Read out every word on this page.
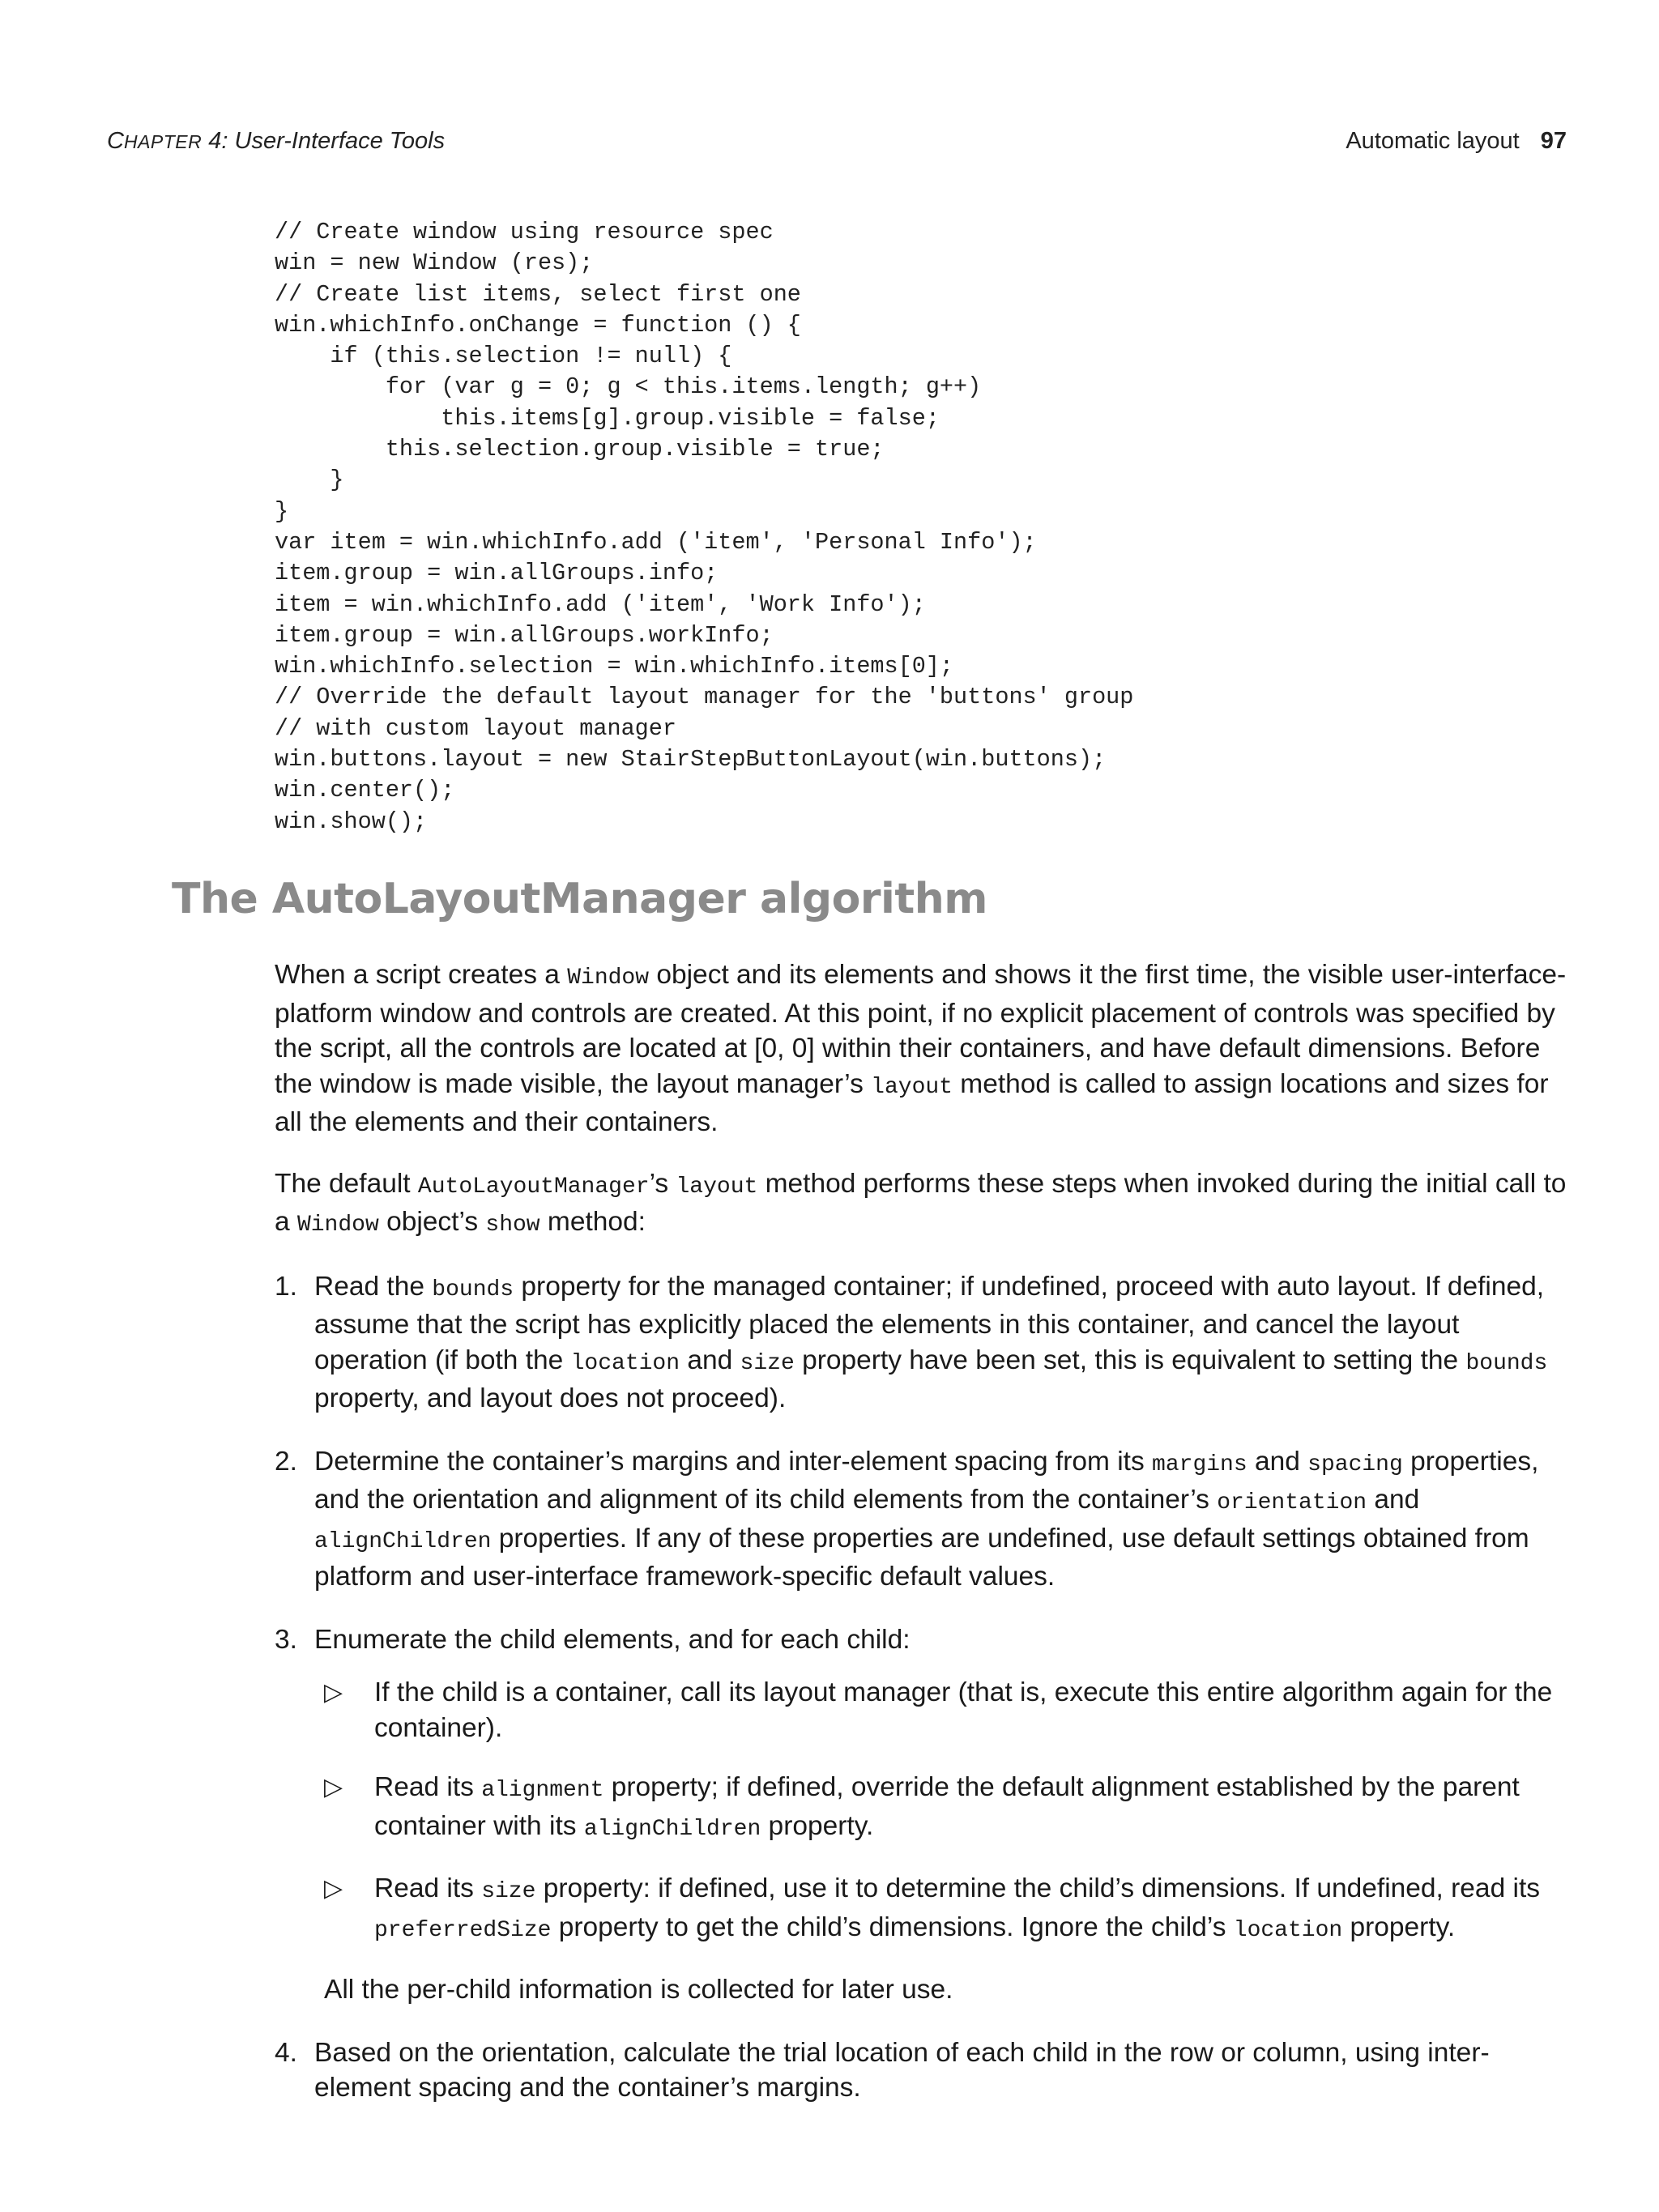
CHAPTER 4: User-Interface Tools	Automatic layout 97
// Create window using resource spec
win = new Window (res);
// Create list items, select first one
win.whichInfo.onChange = function () {
if (this.selection != null) {
for (var g = 0; g < this.items.length; g++)
this.items[g].group.visible = false;
this.selection.group.visible = true;
}
}
var item = win.whichInfo.add ('item', 'Personal Info');
item.group = win.allGroups.info;
item = win.whichInfo.add ('item', 'Work Info');
item.group = win.allGroups.workInfo;
win.whichInfo.selection = win.whichInfo.items[0];
// Override the default layout manager for the 'buttons' group
// with custom layout manager
win.buttons.layout = new StairStepButtonLayout(win.buttons);
win.center();
win.show();

The AutoLayoutManager algorithm

When a script creates a Window object and its elements and shows it the first time, the visible user-interface-platform window and controls are created. At this point, if no explicit placement of controls was specified by the script, all the controls are located at [0, 0] within their containers, and have default dimensions. Before the window is made visible, the layout manager’s layout method is called to assign locations and sizes for all the elements and their containers.

The default AutoLayoutManager’s layout method performs these steps when invoked during the initial call to a Window object’s show method:

1. Read the bounds property for the managed container; if undefined, proceed with auto layout. If defined, assume that the script has explicitly placed the elements in this container, and cancel the layout operation (if both the location and size property have been set, this is equivalent to setting the bounds property, and layout does not proceed).
2. Determine the container’s margins and inter-element spacing from its margins and spacing properties, and the orientation and alignment of its child elements from the container’s orientation and alignChildren properties. If any of these properties are undefined, use default settings obtained from platform and user-interface framework-specific default values.
3. Enumerate the child elements, and for each child:
▷ If the child is a container, call its layout manager (that is, execute this entire algorithm again for the container).
▷ Read its alignment property; if defined, override the default alignment established by the parent container with its alignChildren property.
▷ Read its size property: if defined, use it to determine the child’s dimensions. If undefined, read its preferredSize property to get the child’s dimensions. Ignore the child’s location property.
All the per-child information is collected for later use.
4. Based on the orientation, calculate the trial location of each child in the row or column, using inter-element spacing and the container’s margins.
